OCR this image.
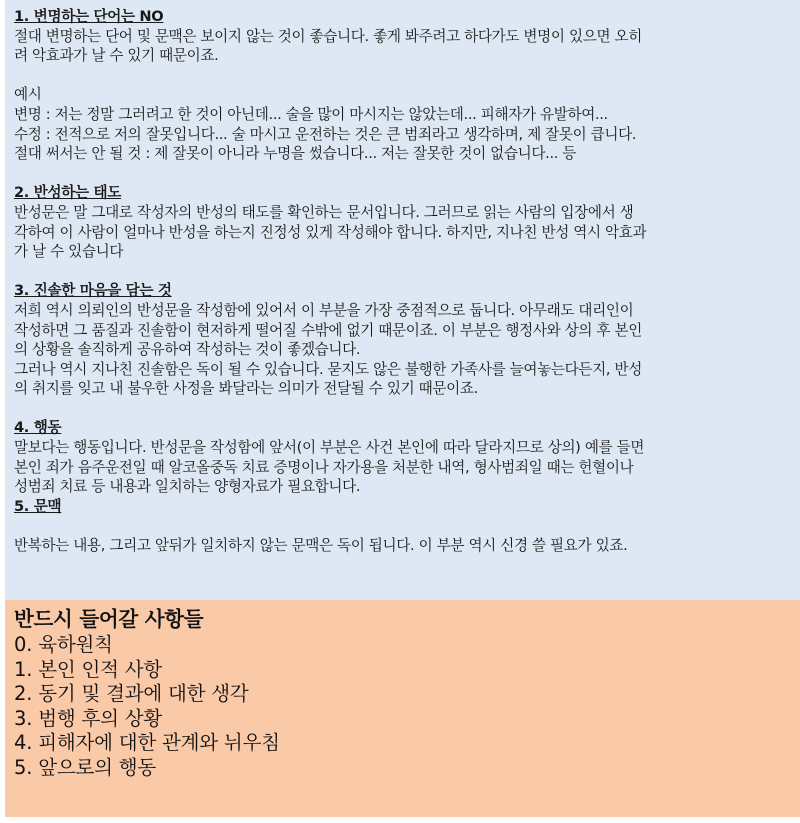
1. 변명하는 단어는 NO

절대 변명하는 단어 및 문맥은 보이지 않는 것이 좋습니다. 좋게 봐주려고 하다가도 변명이 있으면 오히

려 악효과가 날 수 있기 때문이죠.

예시

변명 : 저는 정말 그러려고 한 것이 아닌데... 술을 많이 마시지는 않았는데... 피해자가 유발하여...

수정 : 전적으로 저의 잘못입니다... 술 마시고 운전하는 것은 큰 범죄라고 생각하며, 제 잘못이 큽니다.

절대 써서는 안 될 것 : 제 잘못이 아니라 누명을 썼습니다... 저는 잘못한 것이 없습니다... 등

2. 반성하는 태도

반성문은 말 그대로 작성자의 반성의 태도를 확인하는 문서입니다. 그러므로 읽는 사람의 입장에서 생

각하여 이 사람이 얼마나 반성을 하는지 진정성 있게 작성해야 합니다. 하지만, 지나친 반성 역시 악효과

가 날 수 있습니다

3. 진솔한 마음을 담는 것

저희 역시 의뢰인의 반성문을 작성함에 있어서 이 부분을 가장 중점적으로 둡니다. 아무래도 대리인이

작성하면 그 품질과 진솔함이 현저하게 떨어질 수밖에 없기 때문이죠. 이 부분은 행정사와 상의 후 본인

의 상황을 솔직하게 공유하여 작성하는 것이 좋겠습니다.

그러나 역시 지나친 진솔함은 독이 될 수 있습니다. 묻지도 않은 불행한 가족사를 늘여놓는다든지, 반성

의 취지를 잊고 내 불우한 사정을 봐달라는 의미가 전달될 수 있기 때문이죠.

4. 행동

말보다는 행동입니다. 반성문을 작성함에 앞서(이 부분은 사건 본인에 따라 달라지므로 상의) 예를 들면

본인 죄가 음주운전일 때 알코올중독 치료 증명이나 자가용을 처분한 내역, 형사범죄일 때는 헌혈이나

성범죄 치료 등 내용과 일치하는 양형자료가 필요합니다.

5. 문맥

반복하는 내용, 그리고 앞뒤가 일치하지 않는 문맥은 독이 됩니다. 이 부분 역시 신경 쓸 필요가 있죠.

반드시 들어갈 사항들

0. 육하원칙

1. 본인 인적 사항

2. 동기 및 결과에 대한 생각

3. 범행 후의 상황

4. 피해자에 대한 관계와 뉘우침

5. 앞으로의 행동
